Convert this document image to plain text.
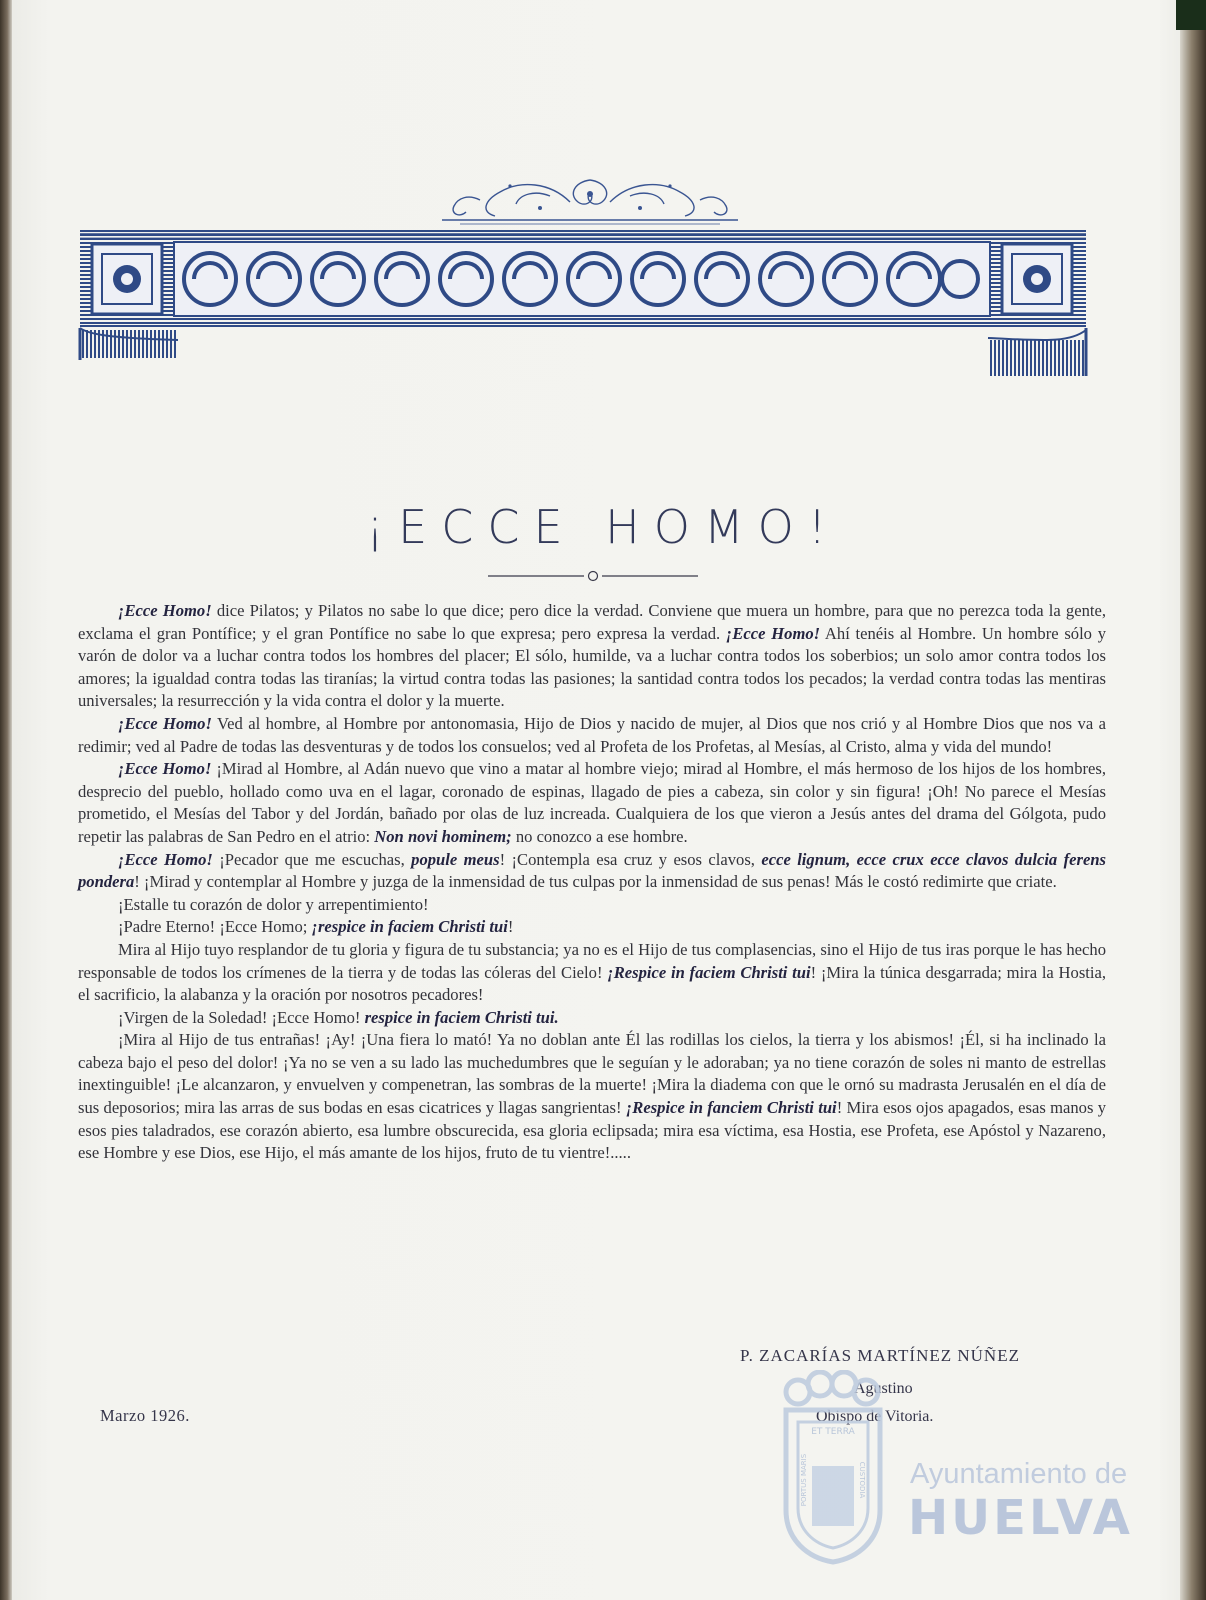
¡ECCE HOMO!

¡Ecce Homo! dice Pilatos; y Pilatos no sabe lo que dice; pero dice la verdad. Conviene que muera un hombre, para que no perezca toda la gente, exclama el gran Pontífice; y el gran Pontífice no sabe lo que expresa; pero expresa la verdad. ¡Ecce Homo! Ahí tenéis al Hombre. Un hombre sólo y varón de dolor va a luchar contra todos los hombres del placer; El sólo, humilde, va a luchar contra todos los soberbios; un solo amor contra todos los amores; la igualdad contra todas las tiranías; la virtud contra todas las pasiones; la santidad contra todos los pecados; la verdad contra todas las mentiras universales; la resurrección y la vida contra el dolor y la muerte.

¡Ecce Homo! Ved al hombre, al Hombre por antonomasia, Hijo de Dios y nacido de mujer, al Dios que nos crió y al Hombre Dios que nos va a redimir; ved al Padre de todas las desventuras y de todos los consuelos; ved al Profeta de los Profetas, al Mesías, al Cristo, alma y vida del mundo!

¡Ecce Homo! ¡Mirad al Hombre, al Adán nuevo que vino a matar al hombre viejo; mirad al Hombre, el más hermoso de los hijos de los hombres, desprecio del pueblo, hollado como uva en el lagar, coronado de espinas, llagado de pies a cabeza, sin color y sin figura! ¡Oh! No parece el Mesías prometido, el Mesías del Tabor y del Jordán, bañado por olas de luz increada. Cualquiera de los que vieron a Jesús antes del drama del Gólgota, pudo repetir las palabras de San Pedro en el atrio: Non novi hominem; no conozco a ese hombre.

¡Ecce Homo! ¡Pecador que me escuchas, popule meus! ¡Contempla esa cruz y esos clavos, ecce lignum, ecce crux ecce clavos dulcia ferens pondera! ¡Mirad y contemplar al Hombre y juzga de la inmensidad de tus culpas por la inmensidad de sus penas! Más le costó redimirte que criate.

¡Estalle tu corazón de dolor y arrepentimiento!

¡Padre Eterno! ¡Ecce Homo; ¡respice in faciem Christi tui!

Mira al Hijo tuyo resplandor de tu gloria y figura de tu substancia; ya no es el Hijo de tus complasencias, sino el Hijo de tus iras porque le has hecho responsable de todos los crímenes de la tierra y de todas las cóleras del Cielo! ¡Respice in faciem Christi tui! ¡Mira la túnica desgarrada; mira la Hostia, el sacrificio, la alabanza y la oración por nosotros pecadores!

¡Virgen de la Soledad! ¡Ecce Homo! respice in faciem Christi tui.

¡Mira al Hijo de tus entrañas! ¡Ay! ¡Una fiera lo mató! Ya no doblan ante Él las rodillas los cielos, la tierra y los abismos! ¡Él, si ha inclinado la cabeza bajo el peso del dolor! ¡Ya no se ven a su lado las muchedumbres que le seguían y le adoraban; ya no tiene corazón de soles ni manto de estrellas inextinguible! ¡Le alcanzaron, y envuelven y compenetran, las sombras de la muerte! ¡Mira la diadema con que le ornó su madrasta Jerusalén en el día de sus deposorios; mira las arras de sus bodas en esas cicatrices y llagas sangrientas! ¡Respice in fanciem Christi tui! Mira esos ojos apagados, esas manos y esos pies taladrados, ese corazón abierto, esa lumbre obscurecida, esa gloria eclipsada; mira esa víctima, esa Hostia, ese Profeta, ese Apóstol y Nazareno, ese Hombre y ese Dios, ese Hijo, el más amante de los hijos, fruto de tu vientre!.....

P. ZACARÍAS MARTÍNEZ NÚÑEZ
Agustino
Obispo de Vitoria.
Marzo 1926.
ET TERRA
PORTUS MARIS	CUSTODIA Ayuntamiento de
HUELVA
